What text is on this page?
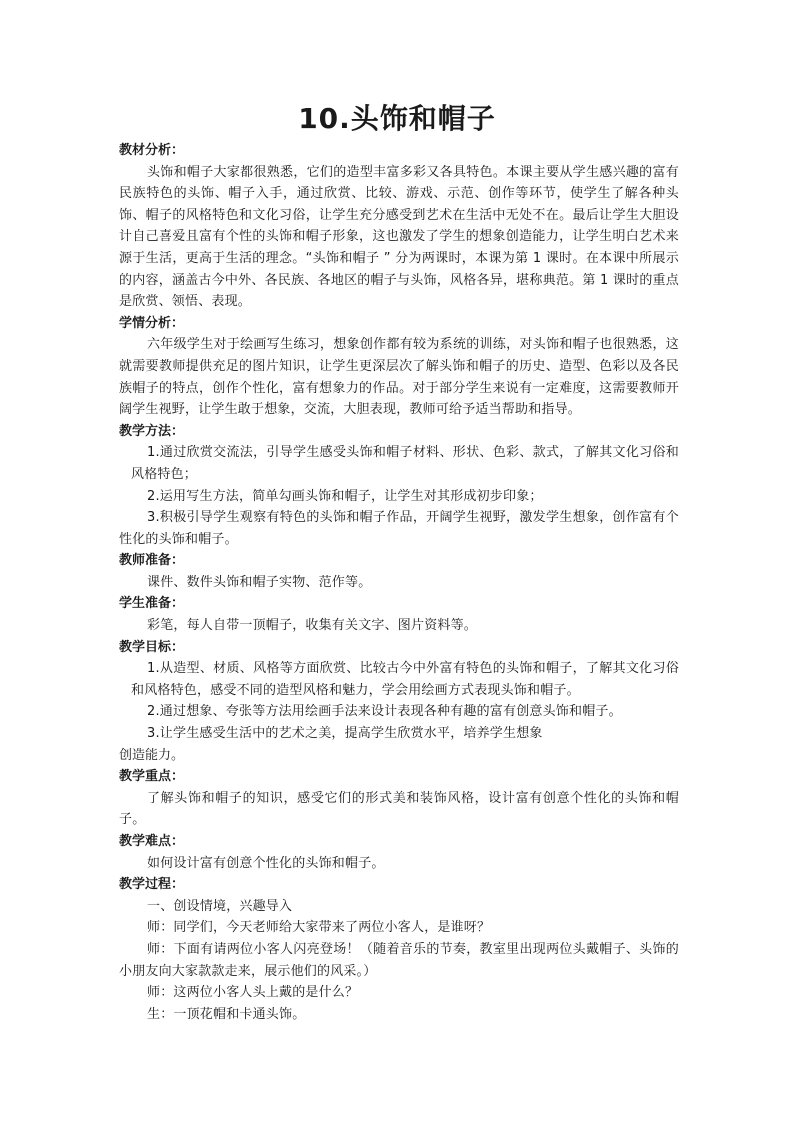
10.头饰和帽子
教材分析：
头饰和帽子大家都很熟悉，它们的造型丰富多彩又各具特色。本课主要从学生感兴趣的富有民族特色的头饰、帽子入手，通过欣赏、比较、游戏、示范、创作等环节，使学生了解各种头饰、帽子的风格特色和文化习俗，让学生充分感受到艺术在生活中无处不在。最后让学生大胆设计自己喜爱且富有个性的头饰和帽子形象，这也激发了学生的想象创造能力，让学生明白艺术来源于生活，更高于生活的理念。“头饰和帽子 ” 分为两课时，本课为第 1 课时。在本课中所展示的内容，涵盖古今中外、各民族、各地区的帽子与头饰，风格各异，堪称典范。第 1 课时的重点是欣赏、领悟、表现。
学情分析：
六年级学生对于绘画写生练习，想象创作都有较为系统的训练，对头饰和帽子也很熟悉，这就需要教师提供充足的图片知识，让学生更深层次了解头饰和帽子的历史、造型、色彩以及各民族帽子的特点，创作个性化，富有想象力的作品。对于部分学生来说有一定难度，这需要教师开阔学生视野，让学生敢于想象，交流，大胆表现，教师可给予适当帮助和指导。
教学方法：
1.通过欣赏交流法，引导学生感受头饰和帽子材料、形状、色彩、款式，了解其文化习俗和风格特色；
2.运用写生方法，简单勾画头饰和帽子，让学生对其形成初步印象；
3.积极引导学生观察有特色的头饰和帽子作品，开阔学生视野，激发学生想象，创作富有个性化的头饰和帽子。
教师准备：
课件、数件头饰和帽子实物、范作等。
学生准备：
彩笔，每人自带一顶帽子，收集有关文字、图片资料等。
教学目标：
1.从造型、材质、风格等方面欣赏、比较古今中外富有特色的头饰和帽子，了解其文化习俗和风格特色，感受不同的造型风格和魅力，学会用绘画方式表现头饰和帽子。
2.通过想象、夸张等方法用绘画手法来设计表现各种有趣的富有创意头饰和帽子。
3.让学生感受生活中的艺术之美，提高学生欣赏水平，培养学生想象
创造能力。
教学重点：
了解头饰和帽子的知识，感受它们的形式美和装饰风格，设计富有创意个性化的头饰和帽子。
教学难点：
如何设计富有创意个性化的头饰和帽子。
教学过程：
一、创设情境，兴趣导入
师：同学们，今天老师给大家带来了两位小客人，是谁呀？
师：下面有请两位小客人闪亮登场！（随着音乐的节奏，教室里出现两位头戴帽子、头饰的小朋友向大家款款走来，展示他们的风采。）
师：这两位小客人头上戴的是什么？
生：一顶花帽和卡通头饰。
